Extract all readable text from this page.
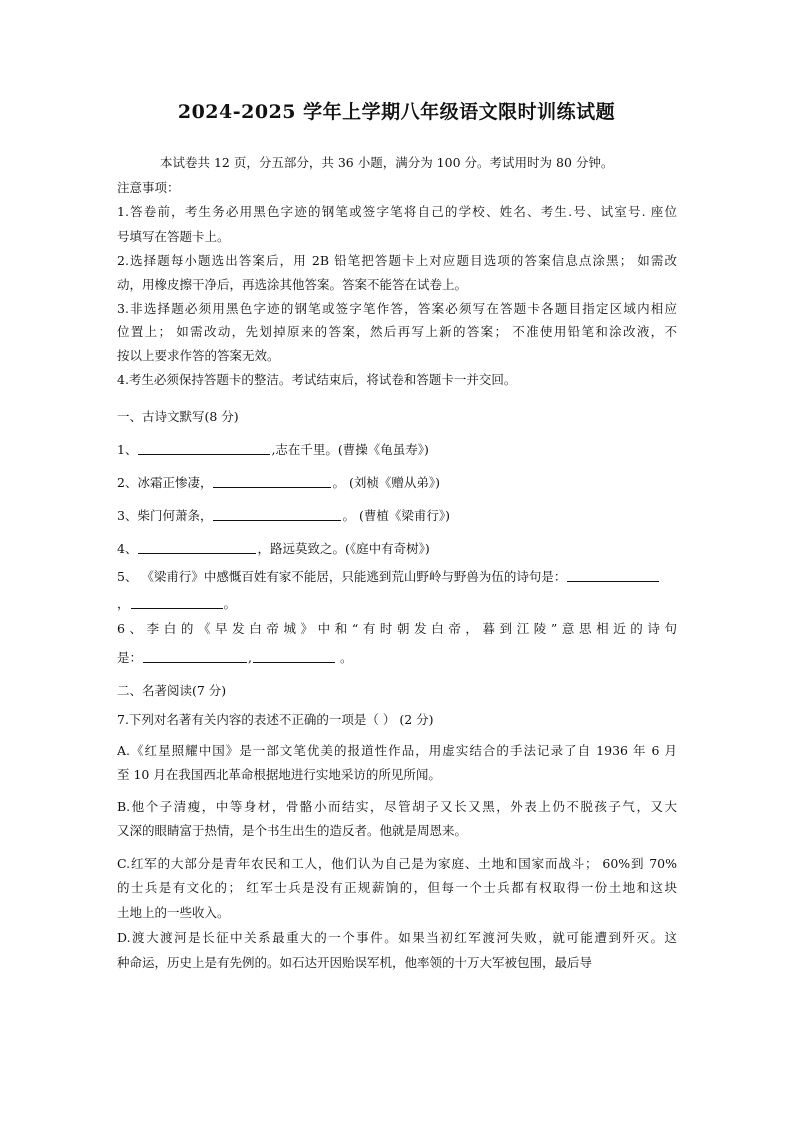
2024-2025 学年上学期八年级语文限时训练试题
本试卷共 12 页，分五部分，共 36 小题，满分为 100 分。考试用时为 80 分钟。
注意事项：
1.答卷前，考生务必用黑色字迹的钢笔或签字笔将自己的学校、姓名、考生.号、试室号. 座位
号填写在答题卡上。
2.选择题每小题选出答案后，用 2B 铅笔把答题卡上对应题目选项的答案信息点涂黑； 如需改
动，用橡皮擦干净后，再选涂其他答案。答案不能答在试卷上。
3.非选择题必须用黑色字迹的钢笔或签字笔作答，答案必须写在答题卡各题目指定区域内相应
位置上； 如需改动，先划掉原来的答案，然后再写上新的答案； 不准使用铅笔和涂改液，不
按以上要求作答的答案无效。
4.考生必须保持答题卡的整洁。考试结束后，将试卷和答题卡一并交回。
一、古诗文默写(8 分)
1、	,志在千里。(曹操《龟虽寿》)
2、冰霜正惨凄，	。 (刘桢《赠从弟》)
3、柴门何萧条，	。 (曹植《梁甫行》)
4、	，路远莫致之。(《庭中有奇树》)
5、 《梁甫行》中感慨百姓有家不能居，只能逃到荒山野岭与野兽为伍的诗句是：
，	。
6、李白的《早发白帝城》中和“有时朝发白帝，暮到江陵”意思相近的诗句
是：	,	。
二、名著阅读(7 分)
7.下列对名著有关内容的表述不正确的一项是（ ） (2 分)
A.《红星照耀中国》是一部文笔优美的报道性作品，用虚实结合的手法记录了自 1936 年 6 月
至 10 月在我国西北革命根据地进行实地采访的所见所闻。
B.他个子清瘦，中等身材，骨骼小而结实，尽管胡子又长又黑，外表上仍不脱孩子气，又大
又深的眼睛富于热情，是个书生出生的造反者。他就是周恩来。
C.红军的大部分是青年农民和工人，他们认为自己是为家庭、土地和国家而战斗； 60%到 70%
的士兵是有文化的； 红军士兵是没有正规薪饷的，但每一个士兵都有权取得一份土地和这块
土地上的一些收入。
D.渡大渡河是长征中关系最重大的一个事件。如果当初红军渡河失败，就可能遭到歼灭。这
种命运，历史上是有先例的。如石达开因贻误军机，他率领的十万大军被包围，最后导
